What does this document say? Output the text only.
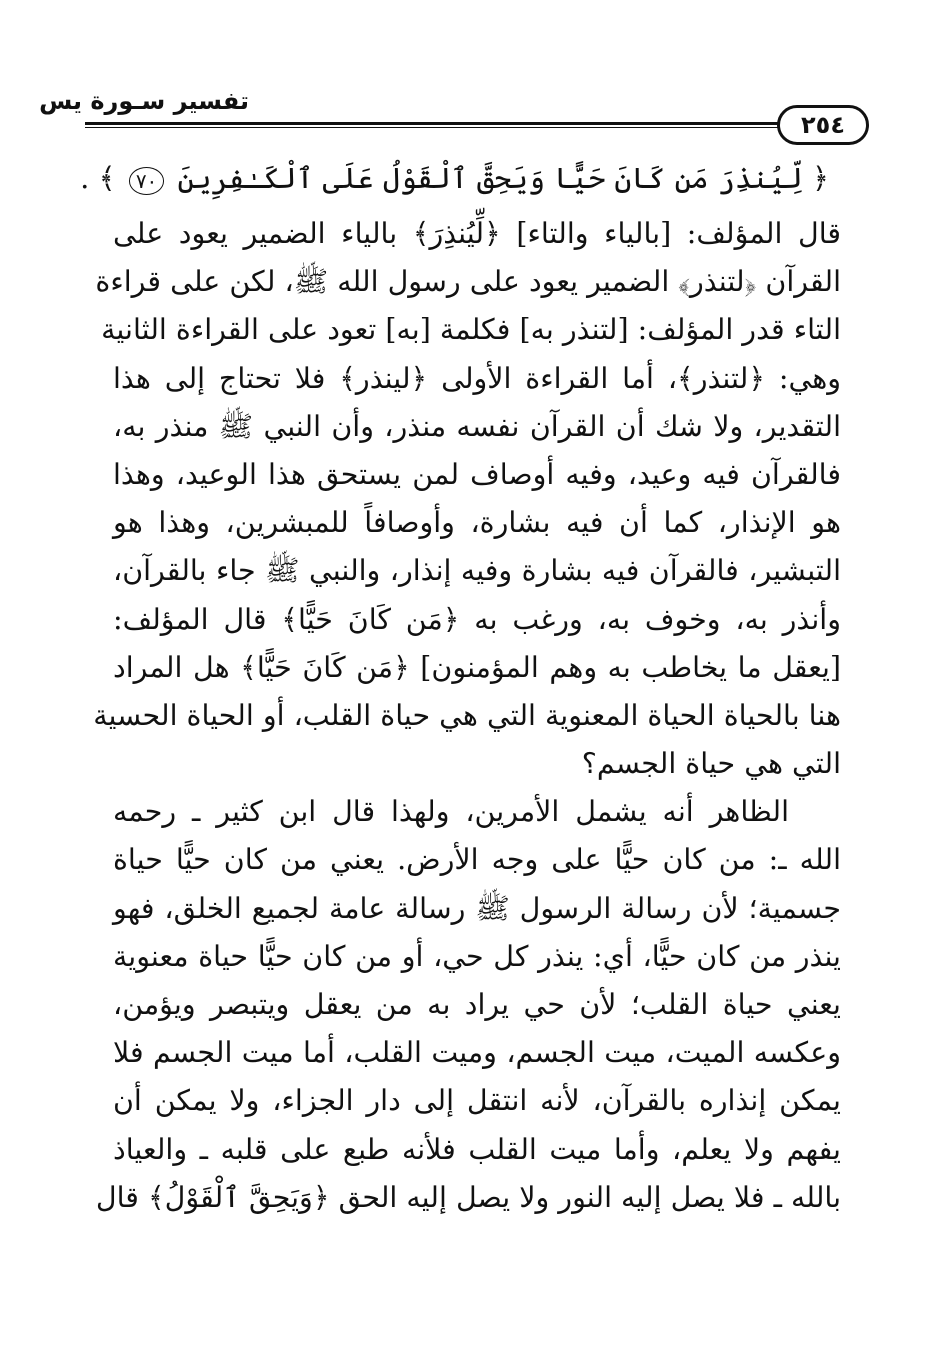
تفسير سـورة يس
٢٥٤
﴿ لِّيُنذِرَ مَن كَانَ حَيًّا وَيَحِقَّ ٱلْقَوْلُ عَلَى ٱلْكَـٰفِرِينَ ٧٠ ﴾ .
قال المؤلف: [بالياء والتاء] ﴿لِّيُنذِرَ﴾ بالياء الضمير يعود على
القرآن ﴿لتنذر﴾ الضمير يعود على رسول الله ﷺ، لكن على قراءة
التاء قدر المؤلف: [لتنذر به] فكلمة [به] تعود على القراءة الثانية
وهي: ﴿لتنذر﴾، أما القراءة الأولى ﴿لينذر﴾ فلا تحتاج إلى هذا
التقدير، ولا شك أن القرآن نفسه منذر، وأن النبي ﷺ منذر به،
فالقرآن فيه وعيد، وفيه أوصاف لمن يستحق هذا الوعيد، وهذا
هو الإنذار، كما أن فيه بشارة، وأوصافاً للمبشرين، وهذا هو
التبشير، فالقرآن فيه بشارة وفيه إنذار، والنبي ﷺ جاء بالقرآن،
وأنذر به، وخوف به، ورغب به ﴿مَن كَانَ حَيًّا﴾ قال المؤلف:
[يعقل ما يخاطب به وهم المؤمنون] ﴿مَن كَانَ حَيًّا﴾ هل المراد
هنا بالحياة الحياة المعنوية التي هي حياة القلب، أو الحياة الحسية
التي هي حياة الجسم؟
الظاهر أنه يشمل الأمرين، ولهذا قال ابن كثير ـ رحمه
الله ـ: من كان حيًّا على وجه الأرض. يعني من كان حيًّا حياة
جسمية؛ لأن رسالة الرسول ﷺ رسالة عامة لجميع الخلق، فهو
ينذر من كان حيًّا، أي: ينذر كل حي، أو من كان حيًّا حياة معنوية
يعني حياة القلب؛ لأن حي يراد به من يعقل ويتبصر ويؤمن،
وعكسه الميت، ميت الجسم، وميت القلب، أما ميت الجسم فلا
يمكن إنذاره بالقرآن، لأنه انتقل إلى دار الجزاء، ولا يمكن أن
يفهم ولا يعلم، وأما ميت القلب فلأنه طبع على قلبه ـ والعياذ
بالله ـ فلا يصل إليه النور ولا يصل إليه الحق ﴿وَيَحِقَّ ٱلْقَوْلُ﴾ قال
